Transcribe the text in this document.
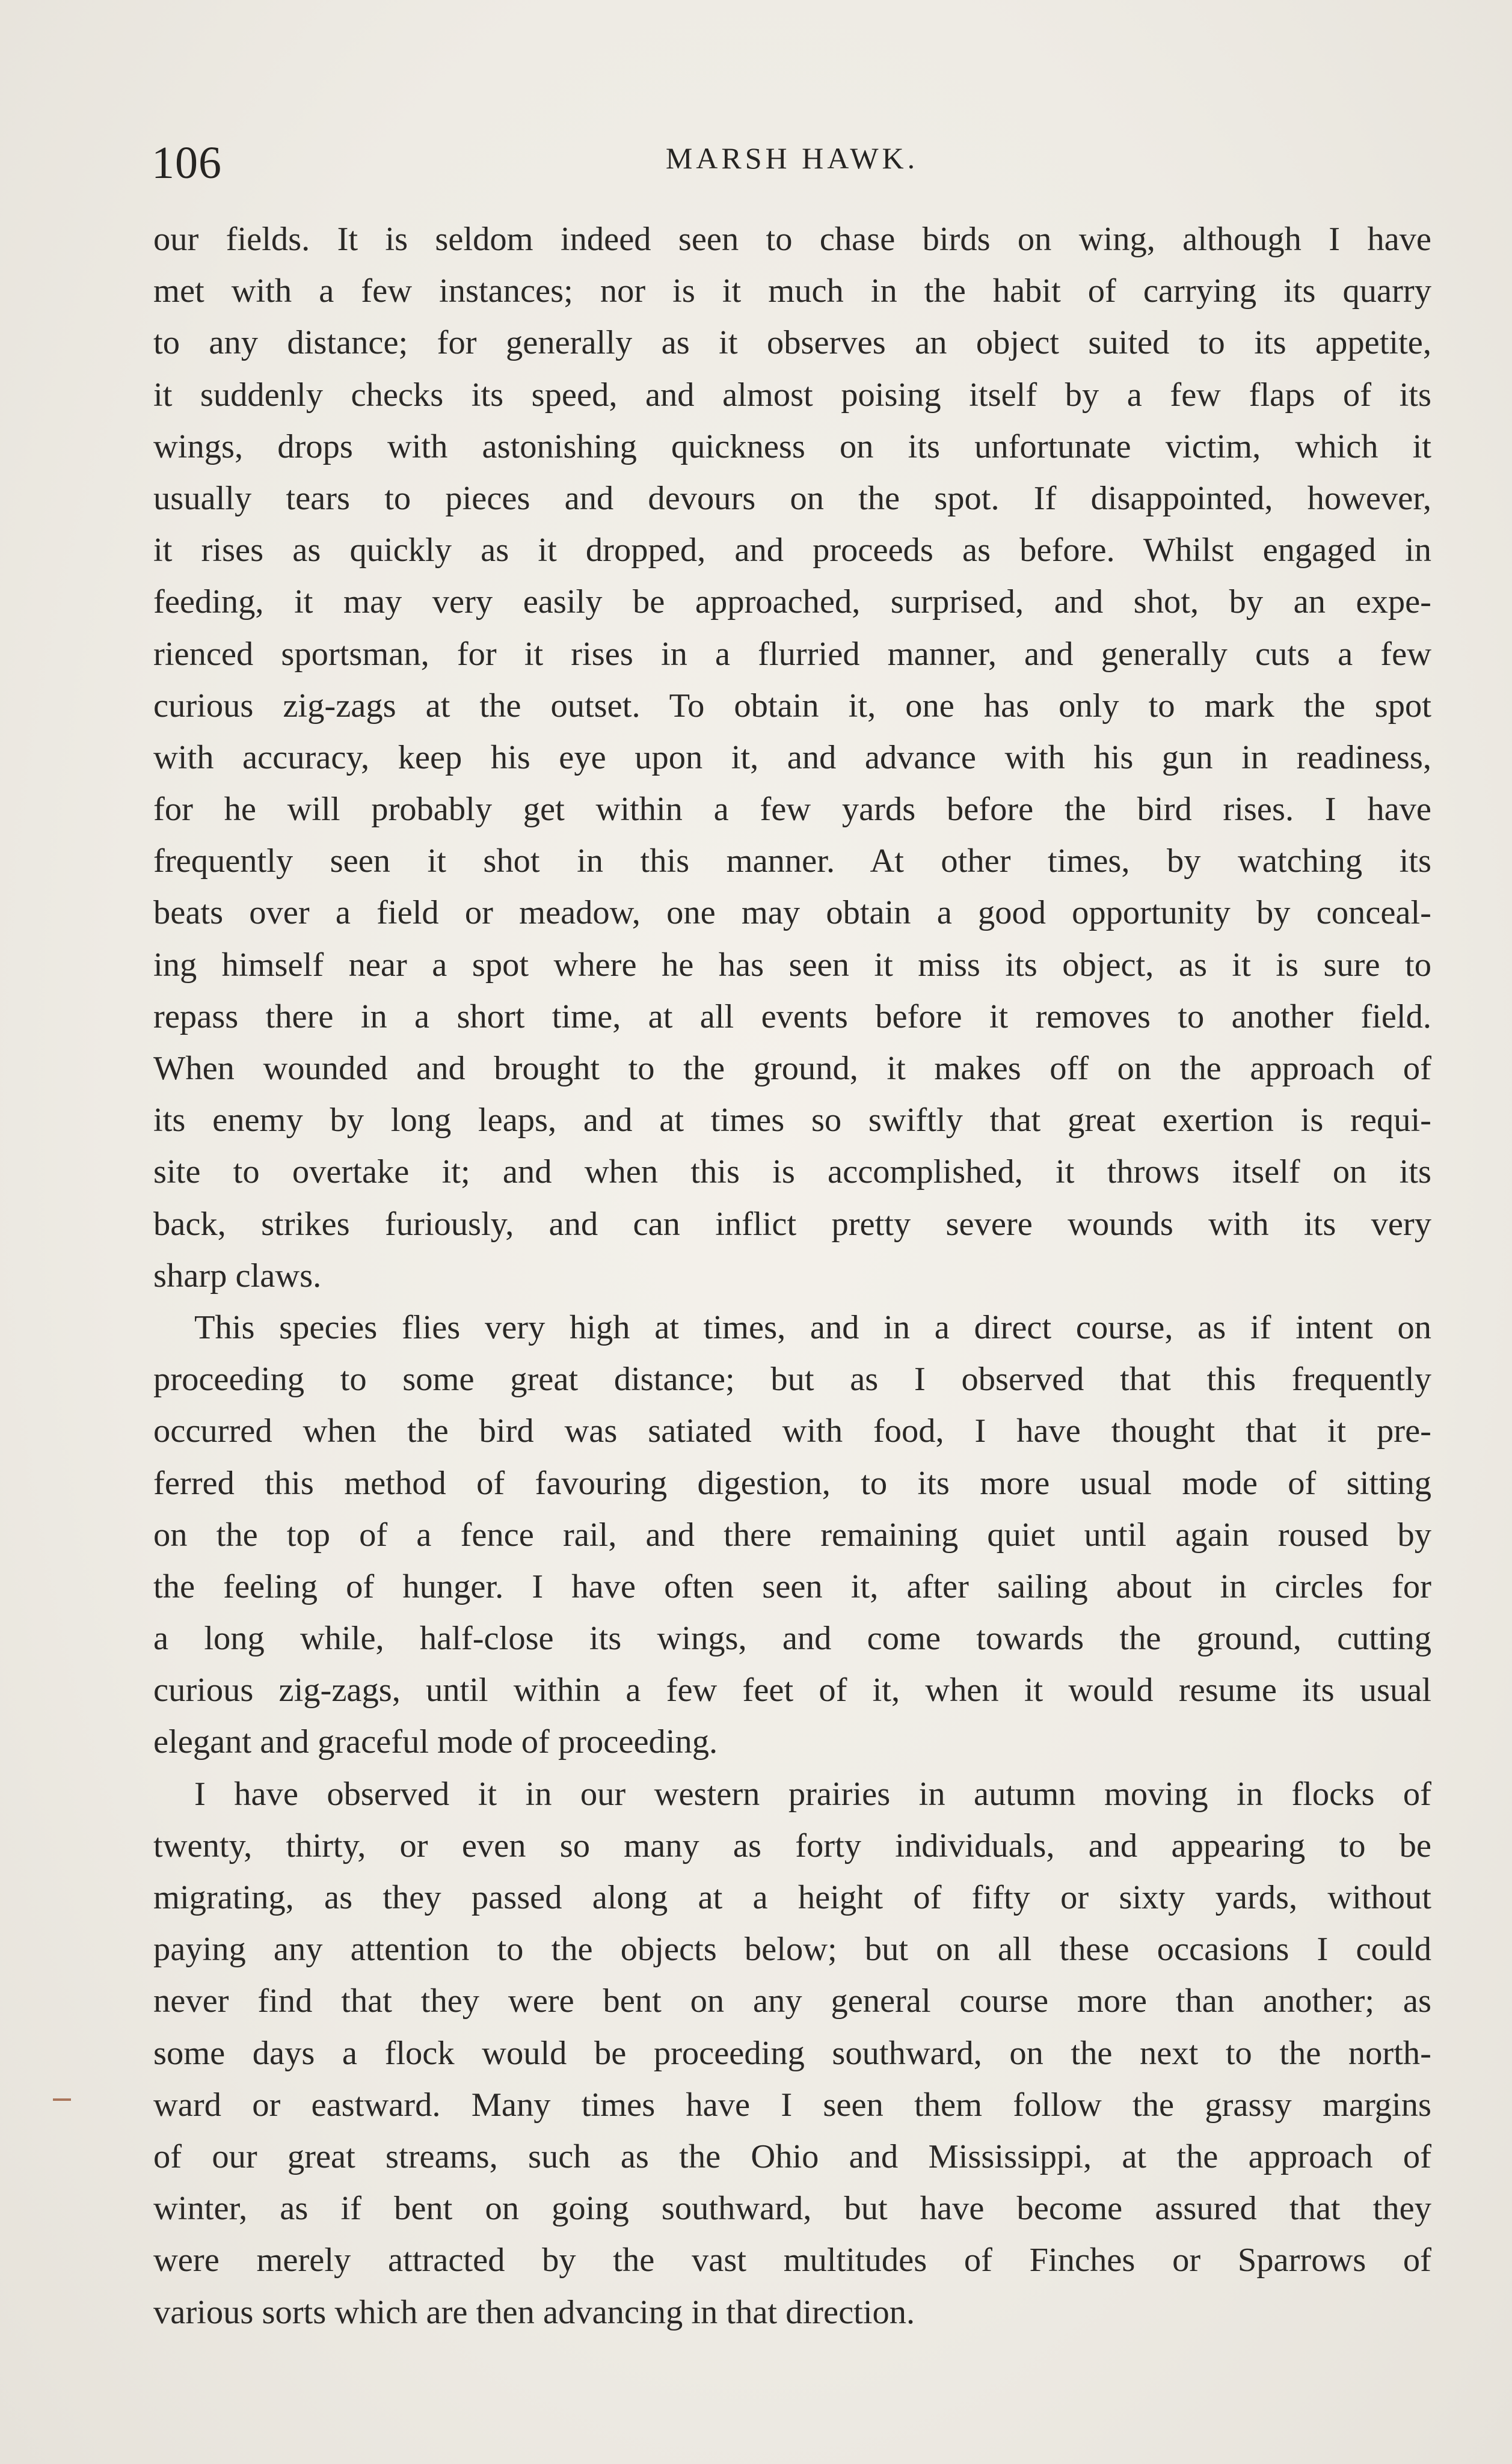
106	MARSH HAWK.
our fields. It is seldom indeed seen to chase birds on wing, although I have
met with a few instances; nor is it much in the habit of carrying its quarry
to any distance; for generally as it observes an object suited to its appetite,
it suddenly checks its speed, and almost poising itself by a few flaps of its
wings, drops with astonishing quickness on its unfortunate victim, which it
usually tears to pieces and devours on the spot. If disappointed, however,
it rises as quickly as it dropped, and proceeds as before. Whilst engaged in
feeding, it may very easily be approached, surprised, and shot, by an expe-
rienced sportsman, for it rises in a flurried manner, and generally cuts a few
curious zig-zags at the outset. To obtain it, one has only to mark the spot
with accuracy, keep his eye upon it, and advance with his gun in readiness,
for he will probably get within a few yards before the bird rises. I have
frequently seen it shot in this manner. At other times, by watching its
beats over a field or meadow, one may obtain a good opportunity by conceal-
ing himself near a spot where he has seen it miss its object, as it is sure to
repass there in a short time, at all events before it removes to another field.
When wounded and brought to the ground, it makes off on the approach of
its enemy by long leaps, and at times so swiftly that great exertion is requi-
site to overtake it; and when this is accomplished, it throws itself on its
back, strikes furiously, and can inflict pretty severe wounds with its very
sharp claws.
This species flies very high at times, and in a direct course, as if intent on
proceeding to some great distance; but as I observed that this frequently
occurred when the bird was satiated with food, I have thought that it pre-
ferred this method of favouring digestion, to its more usual mode of sitting
on the top of a fence rail, and there remaining quiet until again roused by
the feeling of hunger. I have often seen it, after sailing about in circles for
a long while, half-close its wings, and come towards the ground, cutting
curious zig-zags, until within a few feet of it, when it would resume its usual
elegant and graceful mode of proceeding.
I have observed it in our western prairies in autumn moving in flocks of
twenty, thirty, or even so many as forty individuals, and appearing to be
migrating, as they passed along at a height of fifty or sixty yards, without
paying any attention to the objects below; but on all these occasions I could
never find that they were bent on any general course more than another; as
some days a flock would be proceeding southward, on the next to the north-
ward or eastward. Many times have I seen them follow the grassy margins
of our great streams, such as the Ohio and Mississippi, at the approach of
winter, as if bent on going southward, but have become assured that they
were merely attracted by the vast multitudes of Finches or Sparrows of
various sorts which are then advancing in that direction.
